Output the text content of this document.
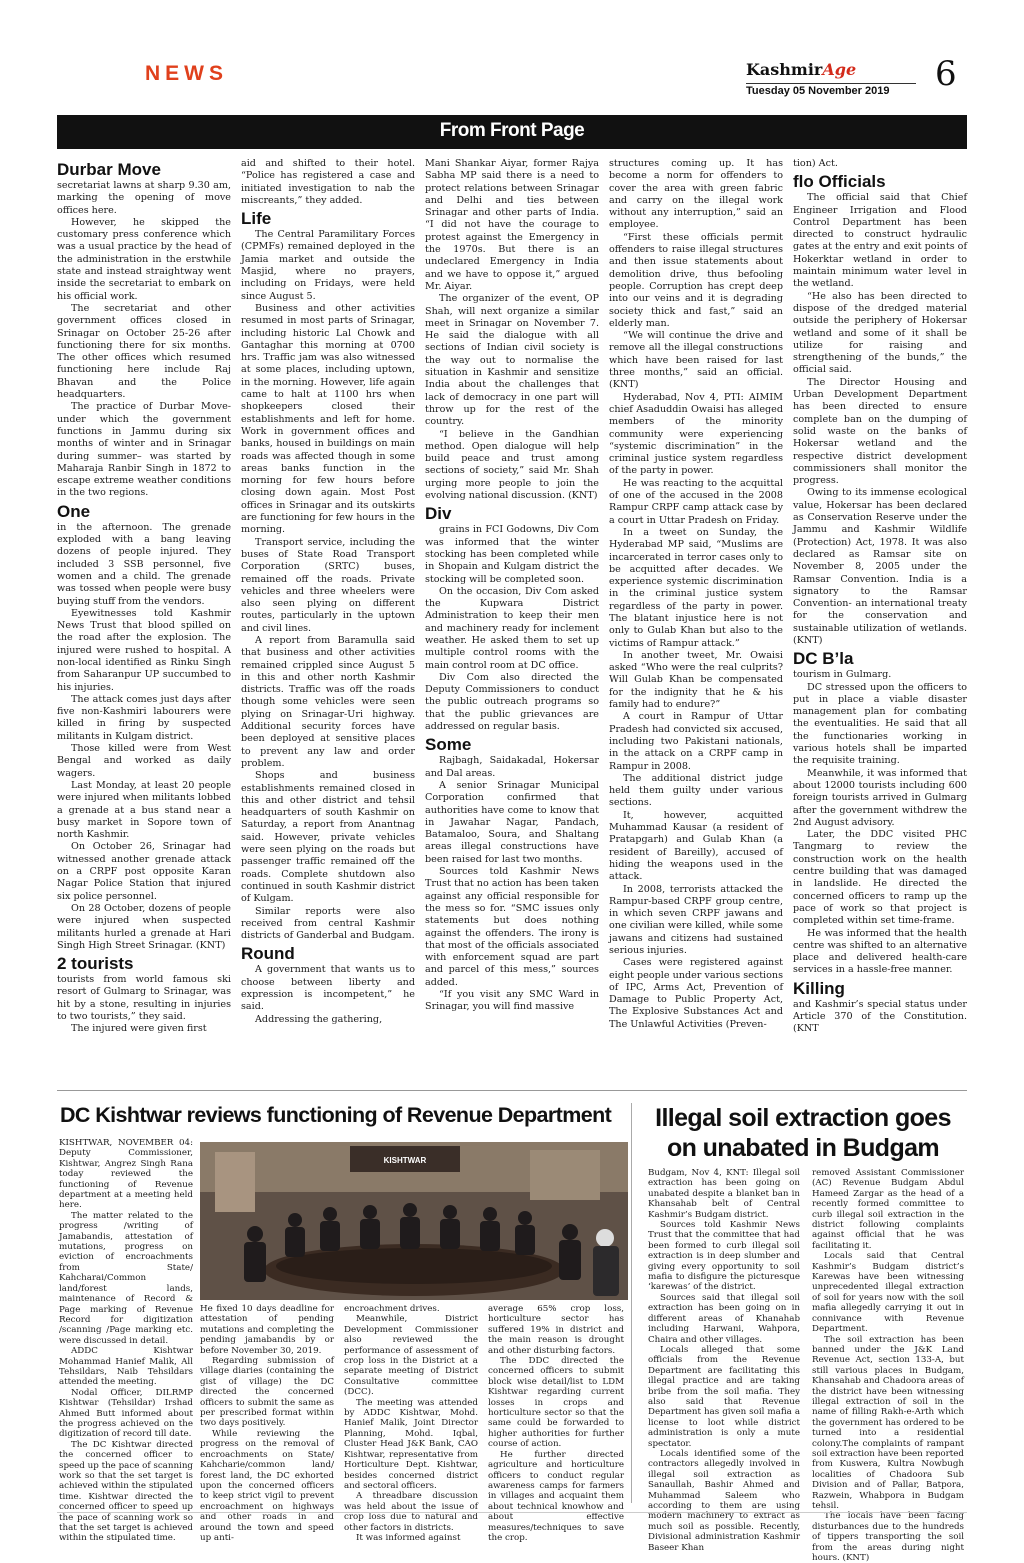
NEWS	KashmirAge
Tuesday 05 November 2019 6
From Front Page
Durbar Move

secretariat lawns at sharp 9.30 am, marking the opening of move offices here.

However, he skipped the customary press conference which was a usual practice by the head of the administration in the erstwhile state and instead straightway went inside the secretariat to embark on his official work.

The secretariat and other government offices closed in Srinagar on October 25-26 after functioning there for six months. The other offices which resumed functioning here include Raj Bhavan and the Police headquarters.

The practice of Durbar Move-under which the government functions in Jammu during six months of winter and in Srinagar during summer– was started by Maharaja Ranbir Singh in 1872 to escape extreme weather conditions in the two regions.

One

in the afternoon. The grenade exploded with a bang leaving dozens of people injured. They included 3 SSB personnel, five women and a child. The grenade was tossed when people were busy buying stuff from the vendors.

Eyewitnesses told Kashmir News Trust that blood spilled on the road after the explosion. The injured were rushed to hospital. A non-local identified as Rinku Singh from Saharanpur UP succumbed to his injuries.

The attack comes just days after five non-Kashmiri labourers were killed in firing by suspected militants in Kulgam district.

Those killed were from West Bengal and worked as daily wagers.

Last Monday, at least 20 people were injured when militants lobbed a grenade at a bus stand near a busy market in Sopore town of north Kashmir.

On October 26, Srinagar had witnessed another grenade attack on a CRPF post opposite Karan Nagar Police Station that injured six police personnel.

On 28 October, dozens of people were injured when suspected militants hurled a grenade at Hari Singh High Street Srinagar. (KNT)

2 tourists

tourists from world famous ski resort of Gulmarg to Srinagar, was hit by a stone, resulting in injuries to two tourists,” they said.

The injured were given first

aid and shifted to their hotel. “Police has registered a case and initiated investigation to nab the miscreants,” they added.

Life

The Central Paramilitary Forces (CPMFs) remained deployed in the Jamia market and outside the Masjid, where no prayers, including on Fridays, were held since August 5.

Business and other activities resumed in most parts of Srinagar, including historic Lal Chowk and Gantaghar this morning at 0700 hrs. Traffic jam was also witnessed at some places, including uptown, in the morning. However, life again came to halt at 1100 hrs when shopkeepers closed their establishments and left for home. Work in government offices and banks, housed in buildings on main roads was affected though in some areas banks function in the morning for few hours before closing down again. Most Post offices in Srinagar and its outskirts are functioning for few hours in the morning.

Transport service, including the buses of State Road Transport Corporation (SRTC) buses, remained off the roads. Private vehicles and three wheelers were also seen plying on different routes, particularly in the uptown and civil lines.

A report from Baramulla said that business and other activities remained crippled since August 5 in this and other north Kashmir districts. Traffic was off the roads though some vehicles were seen plying on Srinagar-Uri highway. Additional security forces have been deployed at sensitive places to prevent any law and order problem.

Shops and business establishments remained closed in this and other district and tehsil headquarters of south Kashmir on Saturday, a report from Anantnag said. However, private vehicles were seen plying on the roads but passenger traffic remained off the roads. Complete shutdown also continued in south Kashmir district of Kulgam.

Similar reports were also received from central Kashmir districts of Ganderbal and Budgam.

Round

A government that wants us to choose between liberty and expression is incompetent,” he said.

Addressing the gathering,

Mani Shankar Aiyar, former Rajya Sabha MP said there is a need to protect relations between Srinagar and Delhi and ties between Srinagar and other parts of India. “I did not have the courage to protest against the Emergency in the 1970s. But there is an undeclared Emergency in India and we have to oppose it,” argued Mr. Aiyar.

The organizer of the event, OP Shah, will next organize a similar meet in Srinagar on November 7. He said the dialogue with all sections of Indian civil society is the way out to normalise the situation in Kashmir and sensitize India about the challenges that lack of democracy in one part will throw up for the rest of the country.

“I believe in the Gandhian method. Open dialogue will help build peace and trust among sections of society,” said Mr. Shah urging more people to join the evolving national discussion. (KNT)

Div

grains in FCI Godowns, Div Com was informed that the winter stocking has been completed while in Shopain and Kulgam district the stocking will be completed soon.

On the occasion, Div Com asked the Kupwara District Administration to keep their men and machinery ready for inclement weather. He asked them to set up multiple control rooms with the main control room at DC office.

Div Com also directed the Deputy Commissioners to conduct the public outreach programs so that the public grievances are addressed on regular basis.

Some

Rajbagh, Saidakadal, Hokersar and Dal areas.

A senior Srinagar Municipal Corporation confirmed that authorities have come to know that in Jawahar Nagar, Pandach, Batamaloo, Soura, and Shaltang areas illegal constructions have been raised for last two months.

Sources told Kashmir News Trust that no action has been taken against any official responsible for the mess so for. “SMC issues only statements but does nothing against the offenders. The irony is that most of the officials associated with enforcement squad are part and parcel of this mess,” sources added.

“If you visit any SMC Ward in Srinagar, you will find massive

structures coming up. It has become a norm for offenders to cover the area with green fabric and carry on the illegal work without any interruption,” said an employee.

“First these officials permit offenders to raise illegal structures and then issue statements about demolition drive, thus befooling people. Corruption has crept deep into our veins and it is degrading society thick and fast,” said an elderly man.

“We will continue the drive and remove all the illegal constructions which have been raised for last three months,” said an official. (KNT)

Hyderabad, Nov 4, PTI: AIMIM chief Asaduddin Owaisi has alleged members of the minority community were experiencing “systemic discrimination” in the criminal justice system regardless of the party in power.

He was reacting to the acquittal of one of the accused in the 2008 Rampur CRPF camp attack case by a court in Uttar Pradesh on Friday.

In a tweet on Sunday, the Hyderabad MP said, “Muslims are incarcerated in terror cases only to be acquitted after decades. We experience systemic discrimination in the criminal justice system regardless of the party in power. The blatant injustice here is not only to Gulab Khan but also to the victims of Rampur attack.”

In another tweet, Mr. Owaisi asked “Who were the real culprits? Will Gulab Khan be compensated for the indignity that he & his family had to endure?”

A court in Rampur of Uttar Pradesh had convicted six accused, including two Pakistani nationals, in the attack on a CRPF camp in Rampur in 2008.

The additional district judge held them guilty under various sections.

It, however, acquitted Muhammad Kausar (a resident of Pratapgarh) and Gulab Khan (a resident of Bareilly), accused of hiding the weapons used in the attack.

In 2008, terrorists attacked the Rampur-based CRPF group centre, in which seven CRPF jawans and one civilian were killed, while some jawans and citizens had sustained serious injuries.

Cases were registered against eight people under various sections of IPC, Arms Act, Prevention of Damage to Public Property Act, The Explosive Substances Act and The Unlawful Activities (Preven-

tion) Act.

flo Officials

The official said that Chief Engineer Irrigation and Flood Control Department has been directed to construct hydraulic gates at the entry and exit points of Hokerktar wetland in order to maintain minimum water level in the wetland.

“He also has been directed to dispose of the dredged material outside the periphery of Hokersar wetland and some of it shall be utilize for raising and strengthening of the bunds,” the official said.

The Director Housing and Urban Development Department has been directed to ensure complete ban on the dumping of solid waste on the banks of Hokersar wetland and the respective district development commissioners shall monitor the progress.

Owing to its immense ecological value, Hokersar has been declared as Conservation Reserve under the Jammu and Kashmir Wildlife (Protection) Act, 1978. It was also declared as Ramsar site on November 8, 2005 under the Ramsar Convention. India is a signatory to the Ramsar Convention- an international treaty for the conservation and sustainable utilization of wetlands. (KNT)

DC B’la

tourism in Gulmarg.

DC stressed upon the officers to put in place a viable disaster management plan for combating the eventualities. He said that all the functionaries working in various hotels shall be imparted the requisite training.

Meanwhile, it was informed that about 12000 tourists including 600 foreign tourists arrived in Gulmarg after the government withdrew the 2nd August advisory.

Later, the DDC visited PHC Tangmarg to review the construction work on the health centre building that was damaged in landslide. He directed the concerned officers to ramp up the pace of work so that project is completed within set time-frame.

He was informed that the health centre was shifted to an alternative place and delivered health-care services in a hassle-free manner.

Killing

and Kashmir’s special status under Article 370 of the Constitution. (KNT

DC Kishtwar reviews functioning of Revenue Department

KISHTWAR, NOVEMBER 04: Deputy Commissioner, Kishtwar, Angrez Singh Rana today reviewed the functioning of Revenue department at a meeting held here.

The matter related to the progress /writing of Jamabandis, attestation of mutations, progress on eviction of encroachments from State/ Kahcharai/Common land/forest lands, maintenance of Record & Page marking of Revenue Record for digitization /scanning /Page marking etc. were discussed in detail.

ADDC Kishtwar Mohammad Hanief Malik, All Tehsildars, Naib Tehsildars attended the meeting.

Nodal Officer, DILRMP Kishtwar (Tehsildar) Irshad Ahmed Butt informed about the progress achieved on the digitization of record till date.

The DC Kishtwar directed the concerned officer to speed up the pace of scanning work so that the set target is achieved within the stipulated time. Kishtwar directed the concerned officer to speed up the pace of scanning work so that the set target is achieved within the stipulated time.

KISHTWAR

He fixed 10 days deadline for attestation of pending mutations and completing the pending jamabandis by or before November 30, 2019.

Regarding submission of village diaries (containing the gist of village) the DC directed the concerned officers to submit the same as per prescribed format within two days positively.

While reviewing the progress on the removal of encroachments on State/ Kahcharie/common land/ forest land, the DC exhorted upon the concerned officers to keep strict vigil to prevent encroachment on highways and other roads in and around the town and speed up anti-

encroachment drives.

Meanwhile, District Development Commissioner also reviewed the performance of assessment of crop loss in the District at a separate meeting of District Consultative committee (DCC).

The meeting was attended by ADDC Kishtwar, Mohd. Hanief Malik, Joint Director Planning, Mohd. Iqbal, Cluster Head J&K Bank, CAO Kishtwar, representative from Horticulture Dept. Kishtwar, besides concerned district and sectoral officers.

A threadbare discussion was held about the issue of crop loss due to natural and other factors in districts.

It was informed against

average 65% crop loss, horticulture sector has suffered 19% in district and the main reason is drought and other disturbing factors.

The DDC directed the concerned officers to submit block wise detail/list to LDM Kishtwar regarding current losses in crops and horticulture sector so that the same could be forwarded to higher authorities for further course of action.

He further directed agriculture and horticulture officers to conduct regular awareness camps for farmers in villages and acquaint them about technical knowhow and about effective measures/techniques to save the crop.

Illegal soil extraction goes
on unabated in Budgam

Budgam, Nov 4, KNT: Illegal soil extraction has been going on unabated despite a blanket ban in Khansahab belt of Central Kashmir’s Budgam district.

Sources told Kashmir News Trust that the committee that had been formed to curb illegal soil extraction is in deep slumber and giving every opportunity to soil mafia to disfigure the picturesque ‘karewas’ of the district.

Sources said that illegal soil extraction has been going on in different areas of Khanahab including Harwani, Wahpora, Chaira and other villages.

Locals alleged that some officials from the Revenue Department are facilitating this illegal practice and are taking bribe from the soil mafia. They also said that Revenue Department has given soil mafia a license to loot while district administration is only a mute spectator.

Locals identified some of the contractors allegedly involved in illegal soil extraction as Sanaullah, Bashir Ahmed and Muhammad Saleem who according to them are using modern machinery to extract as much soil as possible. Recently, Divisional administration Kashmir Baseer Khan

removed Assistant Commissioner (AC) Revenue Budgam Abdul Hameed Zargar as the head of a recently formed committee to curb illegal soil extraction in the district following complaints against official that he was facilitating it.

Locals said that Central Kashmir’s Budgam district’s Karewas have been witnessing unprecedented illegal extraction of soil for years now with the soil mafia allegedly carrying it out in connivance with Revenue Department.

The soil extraction has been banned under the J&K Land Revenue Act, section 133-A, but still various places in Budgam, Khansahab and Chadoora areas of the district have been witnessing illegal extraction of soil in the name of filling Rakh-e-Arth which the government has ordered to be turned into a residential colony.The complaints of rampant soil extraction have been reported from Kuswera, Kultra Nowbugh localities of Chadoora Sub Division and of Pallar, Batpora, Razwein, Whabpora in Budgam tehsil.

The locals have been facing disturbances due to the hundreds of tippers transporting the soil from the areas during night hours. (KNT)
